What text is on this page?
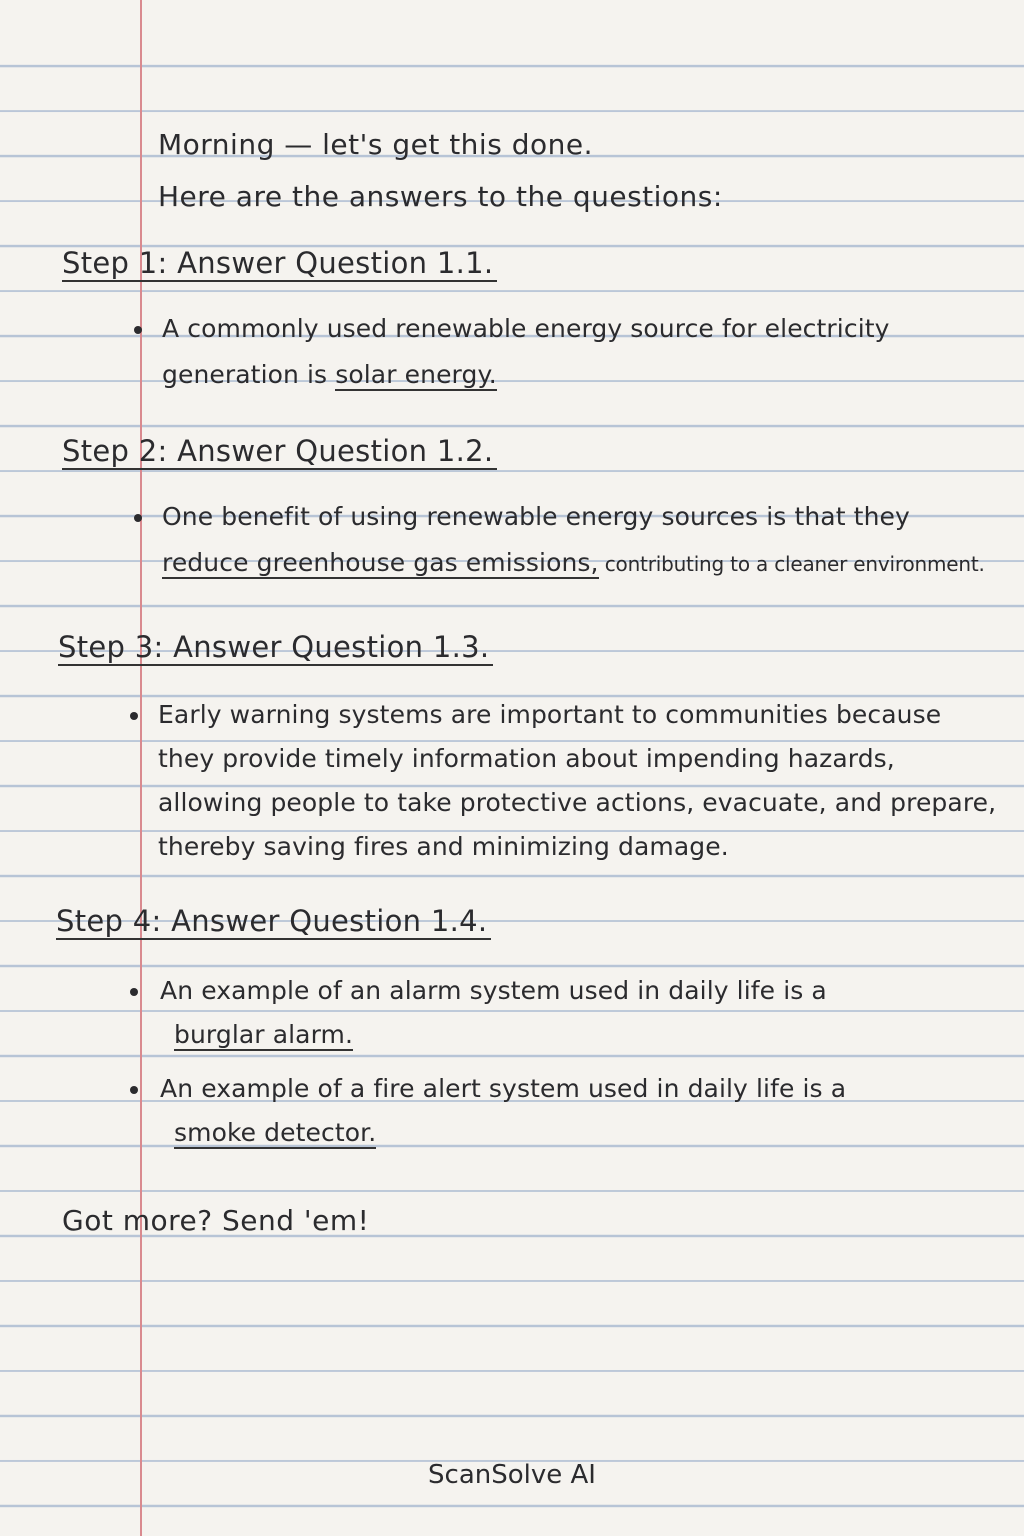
Morning — let's get this done.
Here are the answers to the questions:
Step 1: Answer Question 1.1.
A commonly used renewable energy source for electricity
generation is solar energy.
Step 2: Answer Question 1.2.
One benefit of using renewable energy sources is that they
reduce greenhouse gas emissions, contributing to a cleaner environment.
Step 3: Answer Question 1.3.
Early warning systems are important to communities because
they provide timely information about impending hazards,
allowing people to take protective actions, evacuate, and prepare,
thereby saving fires and minimizing damage.
Step 4: Answer Question 1.4.
An example of an alarm system used in daily life is a
burglar alarm.
An example of a fire alert system used in daily life is a
smoke detector.
Got more? Send 'em!
ScanSolve AI
